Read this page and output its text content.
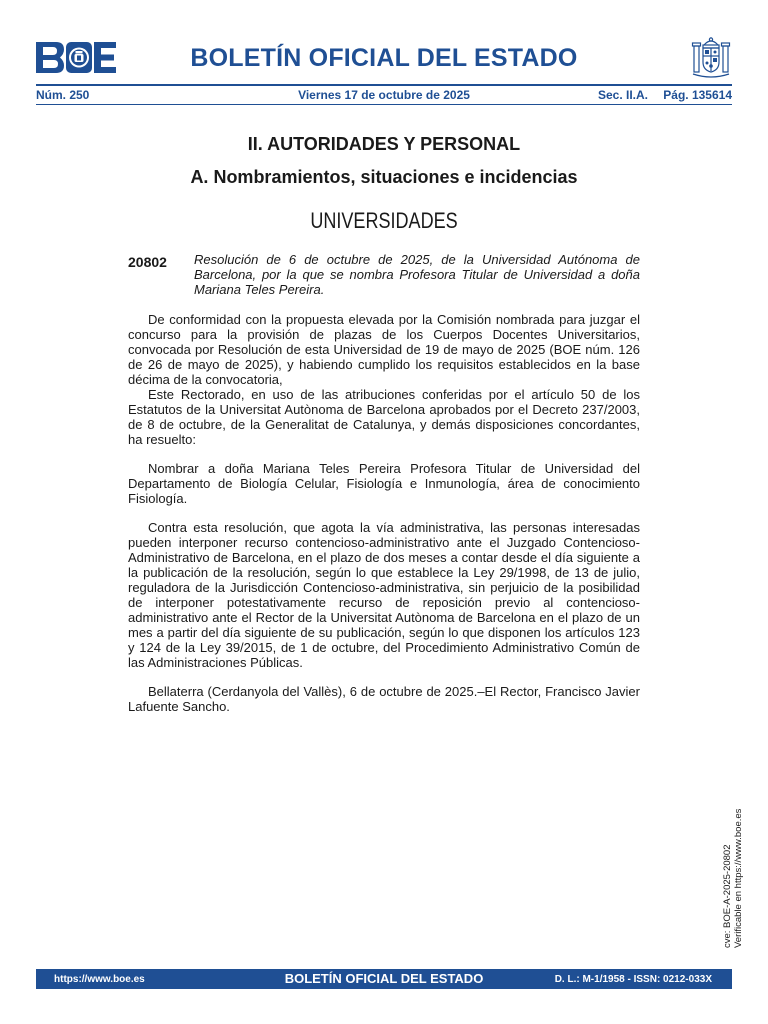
BOLETÍN OFICIAL DEL ESTADO
Núm. 250	Viernes 17 de octubre de 2025	Sec. II.A. Pág. 135614
II. AUTORIDADES Y PERSONAL
A. Nombramientos, situaciones e incidencias
UNIVERSIDADES
20802 Resolución de 6 de octubre de 2025, de la Universidad Autónoma de Barcelona, por la que se nombra Profesora Titular de Universidad a doña Mariana Teles Pereira.

De conformidad con la propuesta elevada por la Comisión nombrada para juzgar el concurso para la provisión de plazas de los Cuerpos Docentes Universitarios, convocada por Resolución de esta Universidad de 19 de mayo de 2025 (BOE núm. 126 de 26 de mayo de 2025), y habiendo cumplido los requisitos establecidos en la base décima de la convocatoria,

Este Rectorado, en uso de las atribuciones conferidas por el artículo 50 de los Estatutos de la Universitat Autònoma de Barcelona aprobados por el Decreto 237/2003, de 8 de octubre, de la Generalitat de Catalunya, y demás disposiciones concordantes, ha resuelto:

Nombrar a doña Mariana Teles Pereira Profesora Titular de Universidad del Departamento de Biología Celular, Fisiología e Inmunología, área de conocimiento Fisiología.

Contra esta resolución, que agota la vía administrativa, las personas interesadas pueden interponer recurso contencioso-administrativo ante el Juzgado Contencioso-Administrativo de Barcelona, en el plazo de dos meses a contar desde el día siguiente a la publicación de la resolución, según lo que establece la Ley 29/1998, de 13 de julio, reguladora de la Jurisdicción Contencioso-administrativa, sin perjuicio de la posibilidad de interponer potestativamente recurso de reposición previo al contencioso-administrativo ante el Rector de la Universitat Autònoma de Barcelona en el plazo de un mes a partir del día siguiente de su publicación, según lo que disponen los artículos 123 y 124 de la Ley 39/2015, de 1 de octubre, del Procedimiento Administrativo Común de las Administraciones Públicas.

Bellaterra (Cerdanyola del Vallès), 6 de octubre de 2025.–El Rector, Francisco Javier Lafuente Sancho.

cve: BOE-A-2025-20802 Verificable en https://www.boe.es
https://www.boe.es	BOLETÍN OFICIAL DEL ESTADO	D. L.: M-1/1958 - ISSN: 0212-033X
